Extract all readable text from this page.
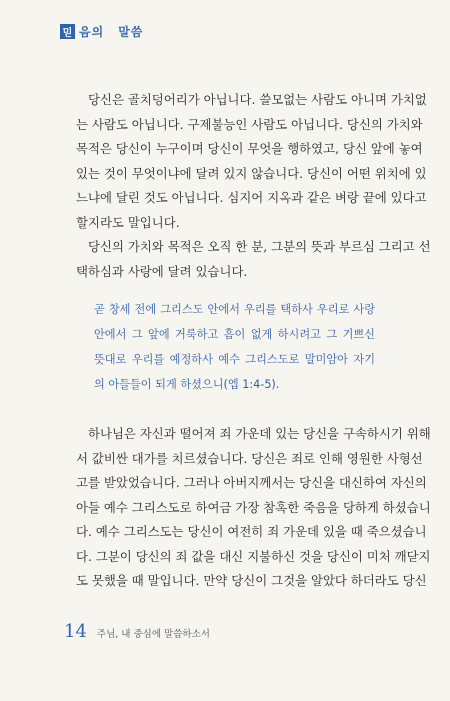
믿 음의 말씀
당신은 골치덩어리가 아닙니다. 쓸모없는 사람도 아니며 가치없
는 사람도 아닙니다. 구제불능인 사람도 아닙니다. 당신의 가치와
목적은 당신이 누구이며 당신이 무엇을 행하였고, 당신 앞에 놓여
있는 것이 무엇이냐에 달려 있지 않습니다. 당신이 어떤 위치에 있
느냐에 달린 것도 아닙니다. 심지어 지옥과 같은 벼랑 끝에 있다고
할지라도 말입니다.
당신의 가치와 목적은 오직 한 분, 그분의 뜻과 부르심 그리고 선
택하심과 사랑에 달려 있습니다.
곧 창세 전에 그리스도 안에서 우리를 택하사 우리로 사랑
안에서 그 앞에 거룩하고 흠이 없게 하시려고 그 기쁘신
뜻대로 우리를 예정하사 예수 그리스도로 말미암아 자기
의 아들들이 되게 하셨으니(엡 1:4-5).
하나님은 자신과 떨어져 죄 가운데 있는 당신을 구속하시기 위해
서 값비싼 대가를 치르셨습니다. 당신은 죄로 인해 영원한 사형선
고를 받았었습니다. 그러나 아버지께서는 당신을 대신하여 자신의
아들 예수 그리스도로 하여금 가장 참혹한 죽음을 당하게 하셨습니
다. 예수 그리스도는 당신이 여전히 죄 가운데 있을 때 죽으셨습니
다. 그분이 당신의 죄 값을 대신 지불하신 것을 당신이 미처 깨닫지
도 못했을 때 말입니다. 만약 당신이 그것을 알았다 하더라도 당신
14 주님, 내 중심에 말씀하소서
